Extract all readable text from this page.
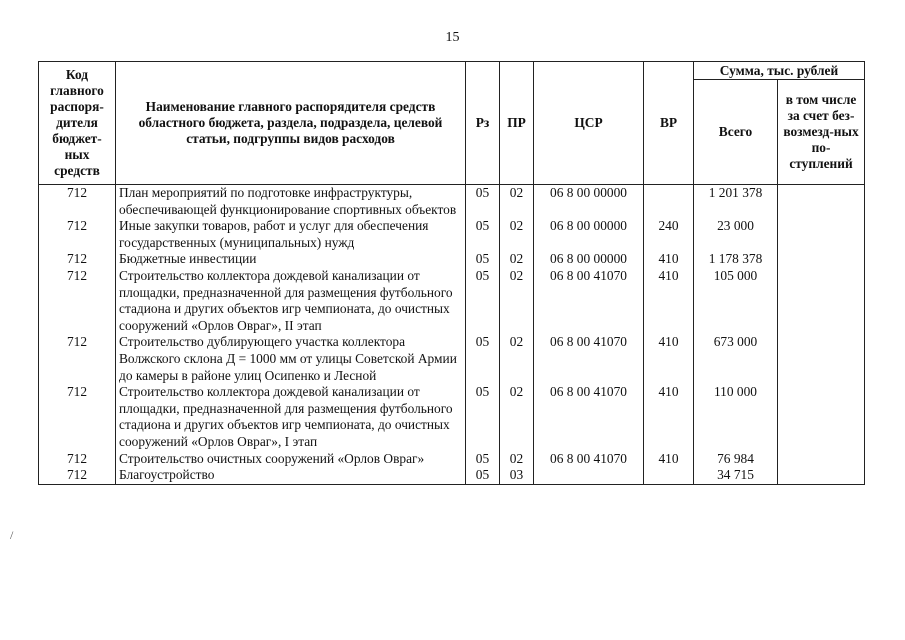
15
/
Код главного распоря-дителя бюджет-ных средств	Наименование главного распорядителя средств областного бюджета, раздела, подраздела, целевой статьи, подгруппы видов расходов	Рз	ПР	ЦСР	ВР	Сумма, тыс. рублей	
						Всего	в том числе за счет без-возмезд-ных по-ступлений
712	План мероприятий по подготовке инфраструктуры, обеспечивающей функционирование спортивных объектов	05	02	06 8 00 00000		1 201 378	
712	Иные закупки товаров, работ и услуг для обеспечения государственных (муниципальных) нужд	05	02	06 8 00 00000	240	23 000	
712	Бюджетные инвестиции	05	02	06 8 00 00000	410	1 178 378	
712	Строительство коллектора дождевой канализации от площадки, предназначенной для размещения футбольного стадиона и других объектов игр чемпионата, до очистных сооружений «Орлов Овраг», II этап	05	02	06 8 00 41070	410	105 000	
712	Строительство дублирующего участка коллектора Волжского склона Д = 1000 мм от улицы Советской Армии до камеры в районе улиц Осипенко и Лесной	05	02	06 8 00 41070	410	673 000	
712	Строительство коллектора дождевой канализации от площадки, предназначенной для размещения футбольного стадиона и других объектов игр чемпионата, до очистных сооружений «Орлов Овраг», I этап	05	02	06 8 00 41070	410	110 000	
712	Строительство очистных сооружений «Орлов Овраг»	05	02	06 8 00 41070	410	76 984	
712	Благоустройство	05	03			34 715	
